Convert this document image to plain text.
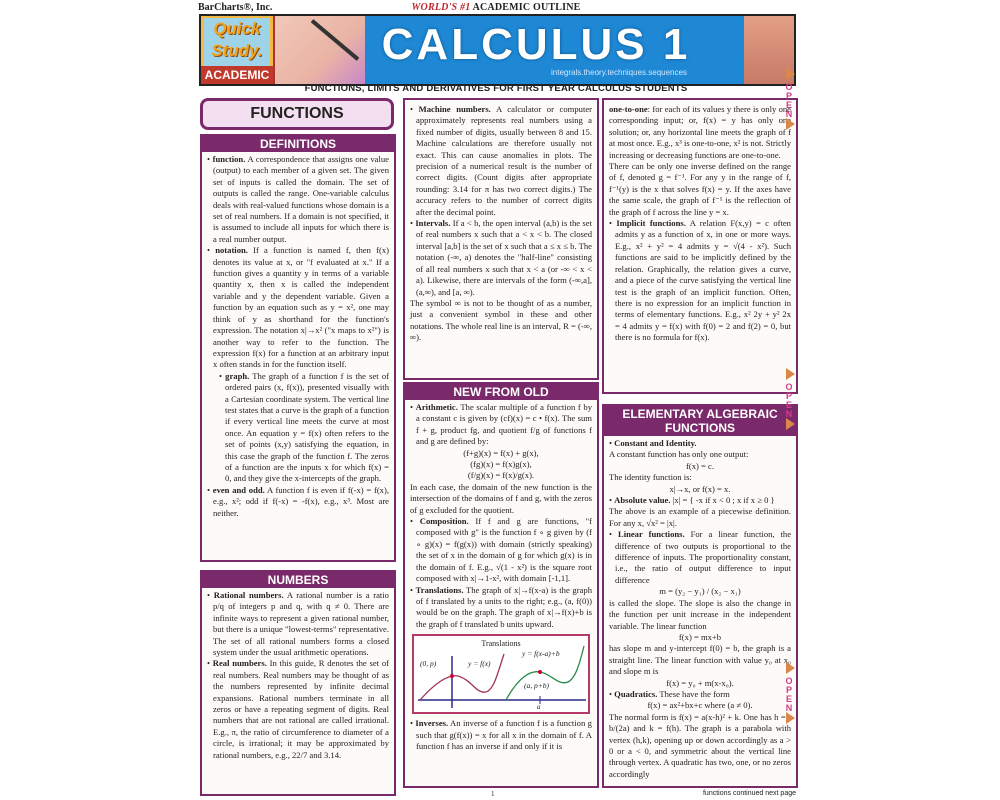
BarCharts®, Inc.	WORLD'S #1 ACADEMIC OUTLINE
Quick
Study.
ACADEMIC
CALCULUS 1
integrals.theory.techniques.sequences
FUNCTIONS, LIMITS AND DERIVATIVES FOR FIRST YEAR CALCULUS STUDENTS
FUNCTIONS
DEFINITIONS

• function. A correspondence that assigns one value (output) to each member of a given set. The given set of inputs is called the domain. The set of outputs is called the range. One-variable calculus deals with real-valued functions whose domain is a set of real numbers. If a domain is not specified, it is assumed to include all inputs for which there is a real number output.

• notation. If a function is named f, then f(x) denotes its value at x, or "f evaluated at x." If a function gives a quantity y in terms of a variable quantity x, then x is called the independent variable and y the dependent variable. Given a function by an equation such as y = x², one may think of y as shorthand for the function's expression. The notation x|→x² ("x maps to x²") is another way to refer to the function. The expression f(x) for a function at an arbitrary input x often stands in for the function itself.

• graph. The graph of a function f is the set of ordered pairs (x, f(x)), presented visually with a Cartesian coordinate system. The vertical line test states that a curve is the graph of a function if every vertical line meets the curve at most once. An equation y = f(x) often refers to the set of points (x,y) satisfying the equation, in this case the graph of the function f. The zeros of a function are the inputs x for which f(x) = 0, and they give the x-intercepts of the graph.

• even and odd. A function f is even if f(-x) = f(x), e.g., x²; odd if f(-x) = -f(x), e.g., x³. Most are neither.

NUMBERS

• Rational numbers. A rational number is a ratio p/q of integers p and q, with q ≠ 0. There are infinite ways to represent a given rational number, but there is a unique "lowest-terms" representative. The set of all rational numbers forms a closed system under the usual arithmetic operations.

• Real numbers. In this guide, R denotes the set of real numbers. Real numbers may be thought of as the numbers represented by infinite decimal expansions. Rational numbers terminate in all zeros or have a repeating segment of digits. Real numbers that are not rational are called irrational. E.g., π, the ratio of circumference to diameter of a circle, is irrational; it may be approximated by rational numbers, e.g., 22/7 and 3.14.

• Machine numbers. A calculator or computer approximately represents real numbers using a fixed number of digits, usually between 8 and 15. Machine calculations are therefore usually not exact. This can cause anomalies in plots. The precision of a numerical result is the number of correct digits. (Count digits after appropriate rounding: 3.14 for π has two correct digits.) The accuracy refers to the number of correct digits after the decimal point.

• Intervals. If a < b, the open interval (a,b) is the set of real numbers x such that a < x < b. The closed interval [a,b] is the set of x such that a ≤ x ≤ b. The notation (-∞, a) denotes the "half-line" consisting of all real numbers x such that x < a (or -∞ < x < a). Likewise, there are intervals of the form (-∞,a], (a,∞), and [a, ∞).

The symbol ∞ is not to be thought of as a number, just a convenient symbol in these and other notations. The whole real line is an interval, R = (-∞, ∞).

NEW FROM OLD

• Arithmetic. The scalar multiple of a function f by a constant c is given by (cf)(x) = c • f(x). The sum f + g, product fg, and quotient f/g of functions f and g are defined by:

(f+g)(x) = f(x) + g(x),

(fg)(x) = f(x)g(x),

(f/g)(x) = f(x)/g(x).

In each case, the domain of the new function is the intersection of the domains of f and g, with the zeros of g excluded for the quotient.

• Composition. If f and g are functions, "f composed with g" is the function f ∘ g given by (f ∘ g)(x) = f(g(x)) with domain (strictly speaking) the set of x in the domain of g for which g(x) is in the domain of f. E.g., √(1 - x²) is the square root composed with x|→1-x², with domain [-1,1].

• Translations. The graph of x|→f(x-a) is the graph of f translated by a units to the right; e.g., (a, f(0)) would be on the graph. The graph of x|→f(x)+b is the graph of f translated b units upward.

Translations
(0, p)	y = f(x)
y = f(x-a)+b
(a, p+b)
a

• Inverses. An inverse of a function f is a function g such that g(f(x)) = x for all x in the domain of f. A function f has an inverse if and only if it is

one-to-one: for each of its values y there is only one corresponding input; or, f(x) = y has only one solution; or, any horizontal line meets the graph of f at most once. E.g., x³ is one-to-one, x² is not. Strictly increasing or decreasing functions are one-to-one.

There can be only one inverse defined on the range of f, denoted g = f⁻¹. For any y in the range of f, f⁻¹(y) is the x that solves f(x) = y. If the axes have the same scale, the graph of f⁻¹ is the reflection of the graph of f across the line y = x.

• Implicit functions. A relation F(x,y) = c often admits y as a function of x, in one or more ways. E.g., x² + y² = 4 admits y = √(4 - x²). Such functions are said to be implicitly defined by the relation. Graphically, the relation gives a curve, and a piece of the curve satisfying the vertical line test is the graph of an implicit function. Often, there is no expression for an implicit function in terms of elementary functions. E.g., x² 2y + y² 2x = 4 admits y = f(x) with f(0) = 2 and f(2) = 0, but there is no formula for f(x).

ELEMENTARY ALGEBRAIC FUNCTIONS

• Constant and Identity.

A constant function has only one output:

f(x) = c.

The identity function is:

x|→x, or f(x) = x.

• Absolute value. |x| = { -x if x < 0 ; x if x ≥ 0 }

The above is an example of a piecewise definition. For any x, √x² = |x|.

• Linear functions. For a linear function, the difference of two outputs is proportional to the difference of inputs. The proportionality constant, i.e., the ratio of output difference to input difference

m = (y₂ − y₁) / (x₂ − x₁)

is called the slope. The slope is also the change in the function per unit increase in the independent variable. The linear function

f(x) = mx+b

has slope m and y-intercept f(0) = b, the graph is a straight line. The linear function with value y₀ at x₀ and slope m is

f(x) = y₀ + m(x-x₀).

• Quadratics. These have the form

f(x) = ax²+bx+c where (a ≠ 0).

The normal form is f(x) = a(x-h)² + k. One has h = -b/(2a) and k = f(h). The graph is a parabola with vertex (h,k), opening up or down accordingly as a > 0 or a < 0, and symmetric about the vertical line through vertex. A quadratic has two, one, or no zeros accordingly

1	functions continued next page
OPEN
OPEN
OPEN
